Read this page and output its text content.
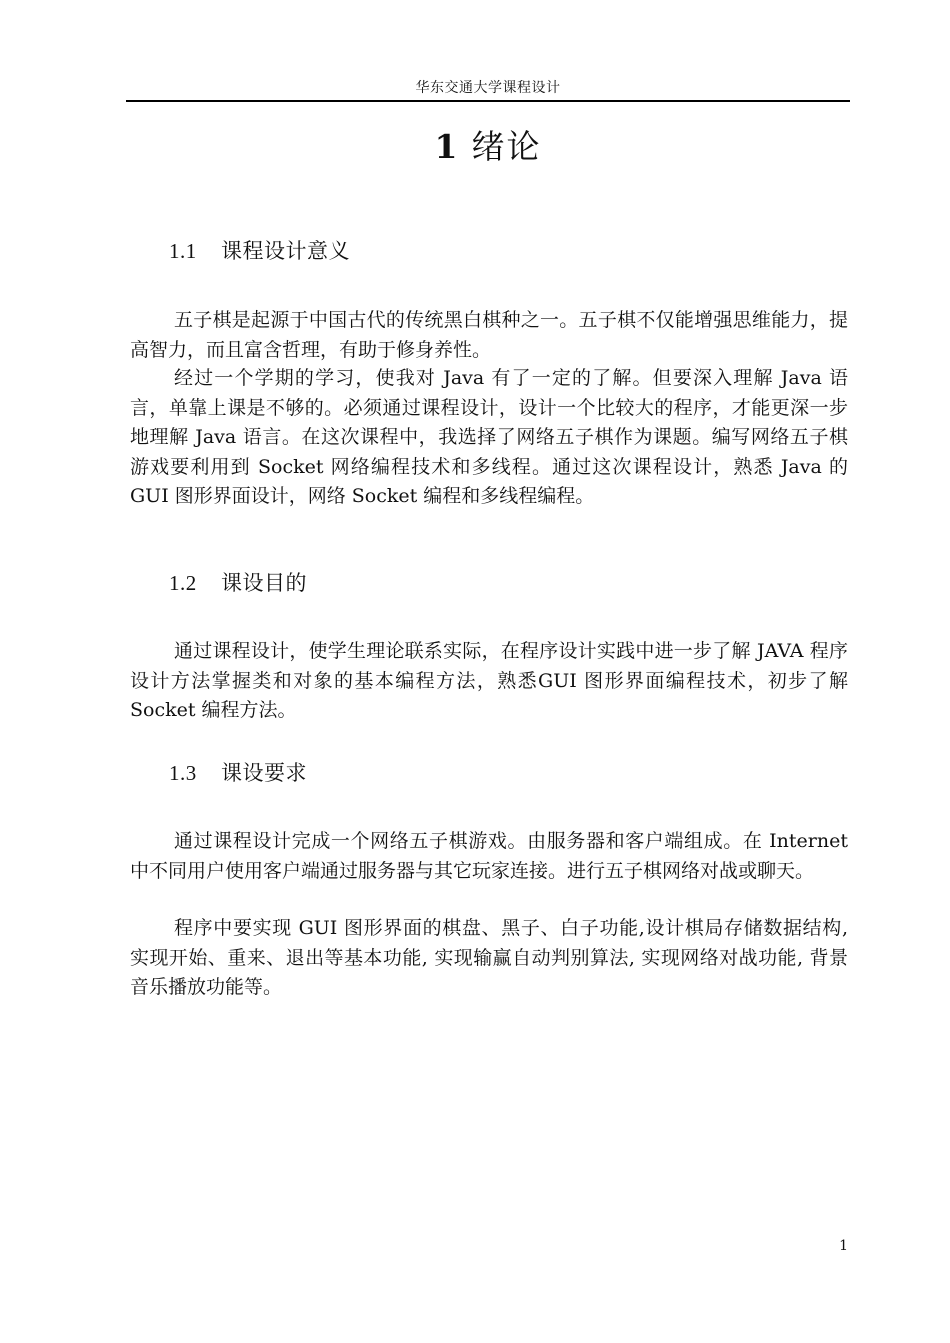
华东交通大学课程设计
1 绪论
1.1 课程设计意义

五子棋是起源于中国古代的传统黑白棋种之一。五子棋不仅能增强思维能力，提高智力，而且富含哲理，有助于修身养性。

经过一个学期的学习，使我对 Java 有了一定的了解。但要深入理解 Java 语言，单靠上课是不够的。必须通过课程设计，设计一个比较大的程序，才能更深一步地理解 Java 语言。在这次课程中，我选择了网络五子棋作为课题。编写网络五子棋游戏要利用到 Socket 网络编程技术和多线程。通过这次课程设计，熟悉 Java 的 GUI 图形界面设计，网络 Socket 编程和多线程编程。

1.2 课设目的

通过课程设计，使学生理论联系实际，在程序设计实践中进一步了解 JAVA 程序设计方法掌握类和对象的基本编程方法，熟悉GUI 图形界面编程技术，初步了解 Socket 编程方法。

1.3 课设要求

通过课程设计完成一个网络五子棋游戏。由服务器和客户端组成。在 Internet 中不同用户使用客户端通过服务器与其它玩家连接。进行五子棋网络对战或聊天。

程序中要实现 GUI 图形界面的棋盘、黑子、白子功能,设计棋局存储数据结构, 实现开始、重来、退出等基本功能, 实现输赢自动判别算法, 实现网络对战功能, 背景音乐播放功能等。

1
